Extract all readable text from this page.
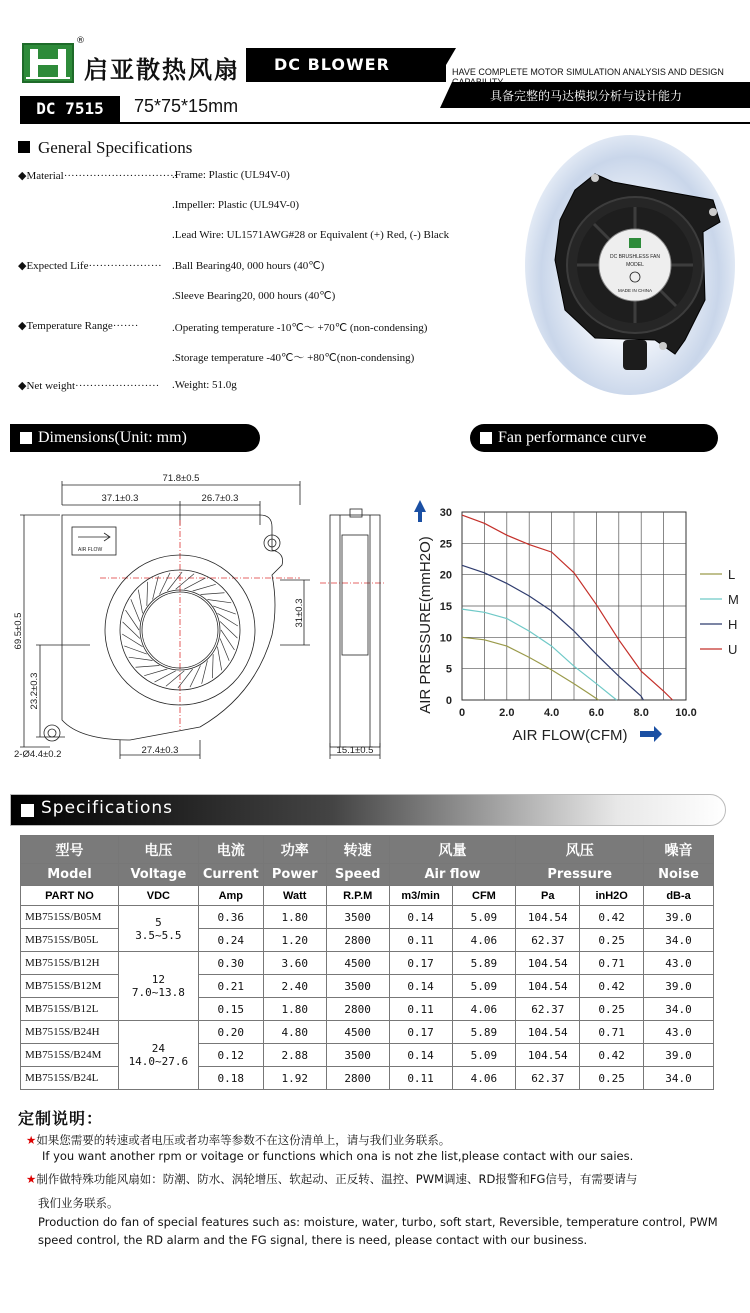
®
启亚散热风扇 DC BLOWER	HAVE COMPLETE MOTOR SIMULATION ANALYSIS AND DESIGN
具备完整的马达模拟分析与设计能力
DC 7515	75*75*15mm
General Specifications
◆Material·······························
.Frame: Plastic (UL94V-0)
.Impeller: Plastic (UL94V-0)
.Lead Wire: UL1571AWG#28 or Equivalent (+) Red, (-) Black
◆Expected Life···················· .Ball Bearing40, 000 hours (40℃)
.Sleeve Bearing20, 000 hours (40℃)
◆Temperature Range·······	.Operating temperature -10℃～ +70℃ (non-condensing)
.Storage temperature -40℃～ +80℃(non-condensing)
◆Net weight······················· .Weight: 51.0g
DC BRUSHLESS FAN
MODEL
MADE IN CHINA
Dimensions(Unit: mm)	Fan performance curve
71.8±0.5
37.1±0.3	26.7±0.3
27.4±0.3	15.1±0.5
2-Ø4.4±0.2
AIR FLOW
69.5±0.5	31±0.3
23.2±0.3
0	2.0	4.0	6.0	8.0 10.0
0
5
10
15
20
25
30
L
M
H
U
AIR PRESSURE(mmH2O)
AIR FLOW(CFM)
Specifications
型号	电压	电流	功率	转速	风量		风压		噪音
Model	Voltage	Current	Power	Speed	Air flow		Pressure		Noise
PART NO	VDC	Amp	Watt	R.P.M	m3/min	CFM	Pa	inH2O	dB-a
MB7515S/B05M	5
3.5~5.5	0.36	1.80	3500	0.14	5.09	104.54	0.42	39.0
MB7515S/B05L		0.24	1.20	2800	0.11	4.06	62.37	0.25	34.0
MB7515S/B12H	12
7.0~13.8	0.30	3.60	4500	0.17	5.89	104.54	0.71	43.0
MB7515S/B12M		0.21	2.40	3500	0.14	5.09	104.54	0.42	39.0
MB7515S/B12L		0.15	1.80	2800	0.11	4.06	62.37	0.25	34.0
MB7515S/B24H	24
14.0~27.6	0.20	4.80	4500	0.17	5.89	104.54	0.71	43.0
MB7515S/B24M		0.12	2.88	3500	0.14	5.09	104.54	0.42	39.0
MB7515S/B24L		0.18	1.92	2800	0.11	4.06	62.37	0.25	34.0
定制说明：
★如果您需要的转速或者电压或者功率等参数不在这份清单上，请与我们业务联系。
If you want another rpm or voitage or functions which ona is not zhe list,please contact with our saies.
★制作做特殊功能风扇如：防潮、防水、涡轮增压、软起动、正反转、温控、PWM调速、RD报警和FG信号，有需要请与
我们业务联系。
Production do fan of special features such as: moisture, water, turbo, soft start, Reversible, temperature control, PWM speed control, the RD alarm and the FG signal, there is need, please contact with our business.
